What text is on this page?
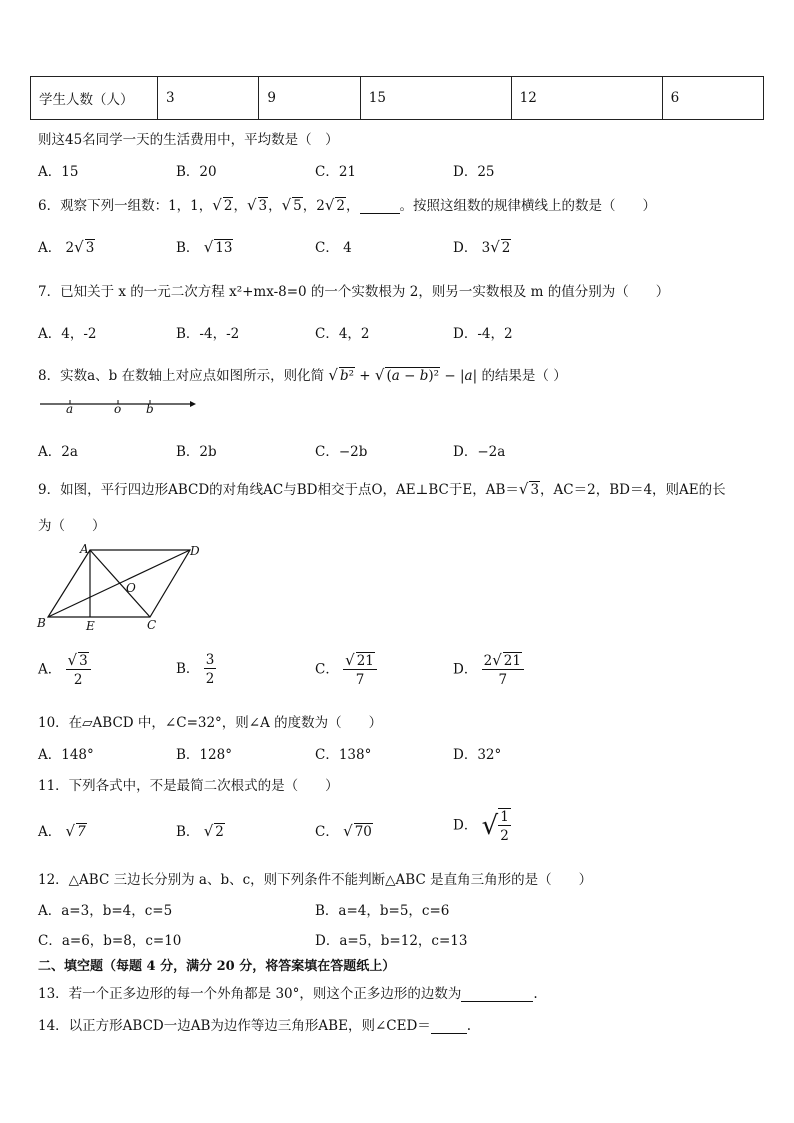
学生人数（人）	3	9	15	12	6
则这45名同学一天的生活费用中，平均数是（　）
A．15	B．20	C．21	D．25
6．观察下列一组数：1，1，√ 2，√ 3，√ 5，2√ 2，	。按照这组数的规律横线上的数是（　　）
A． 2√ 3	B． √ 13	C． 4	D． 3√ 2
7．已知关于 x 的一元二次方程 x²+mx-8=0 的一个实数根为 2，则另一实数根及 m 的值分别为（　　）
A．4，-2	B．-4，-2	C．4，2	D．-4，2
8．实数a、b 在数轴上对应点如图所示，则化简 √ b² + √ (a − b)² − |a| 的结果是（ ）
a	o b
A．2a	B．2b	C．−2b	D．−2a
9．如图，平行四边形ABCD的对角线AC与BD相交于点O，AE⊥BC于E，AB＝√ 3，AC＝2，BD＝4，则AE的长
为（　　）
A	D
O
B	E	C
A． $\frac{√ 3}{2}$	B． $\frac{3}{2}$	C． $\frac{√ 21}{7}$	D． $\frac{2√ 21}{7}$
10．在▱ABCD 中，∠C=32°，则∠A 的度数为（　　）
A．148°	B．128°	C．138°	D．32°
11．下列各式中，不是最简二次根式的是（　　）
A． √ 7	B． √ 2	C． √ 70	D． √ $\frac{1}{2}$
12．△ABC 三边长分别为 a、b、c，则下列条件不能判断△ABC 是直角三角形的是（　　）
A．a=3，b=4，c=5	B．a=4，b=5，c=6
C．a=6，b=8，c=10	D．a=5，b=12，c=13
二、填空题（每题 4 分，满分 20 分，将答案填在答题纸上）
13．若一个正多边形的每一个外角都是 30°，则这个正多边形的边数为	.
14．以正方形ABCD一边AB为边作等边三角形ABE，则∠CED＝	.
